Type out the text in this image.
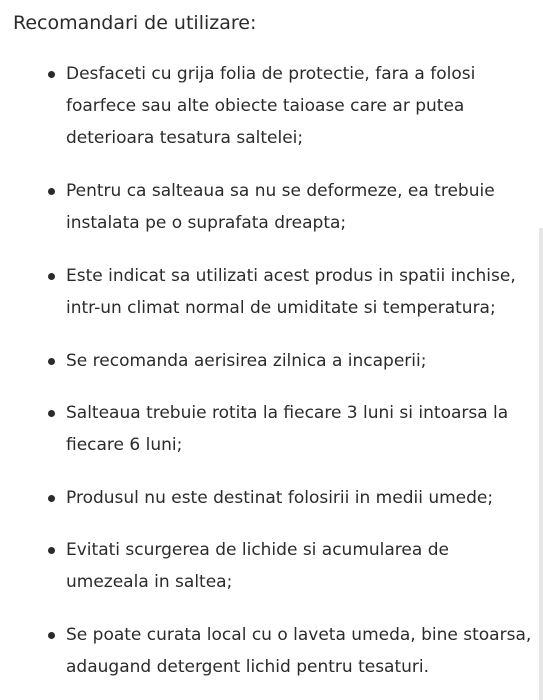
Recomandari de utilizare:
Desfaceti cu grija folia de protectie, fara a folosi
foarfece sau alte obiecte taioase care ar putea
deterioara tesatura saltelei;
Pentru ca salteaua sa nu se deformeze, ea trebuie
instalata pe o suprafata dreapta;
Este indicat sa utilizati acest produs in spatii inchise,
intr-un climat normal de umiditate si temperatura;
Se recomanda aerisirea zilnica a incaperii;
Salteaua trebuie rotita la fiecare 3 luni si intoarsa la
fiecare 6 luni;
Produsul nu este destinat folosirii in medii umede;
Evitati scurgerea de lichide si acumularea de
umezeala in saltea;
Se poate curata local cu o laveta umeda, bine stoarsa,
adaugand detergent lichid pentru tesaturi.
